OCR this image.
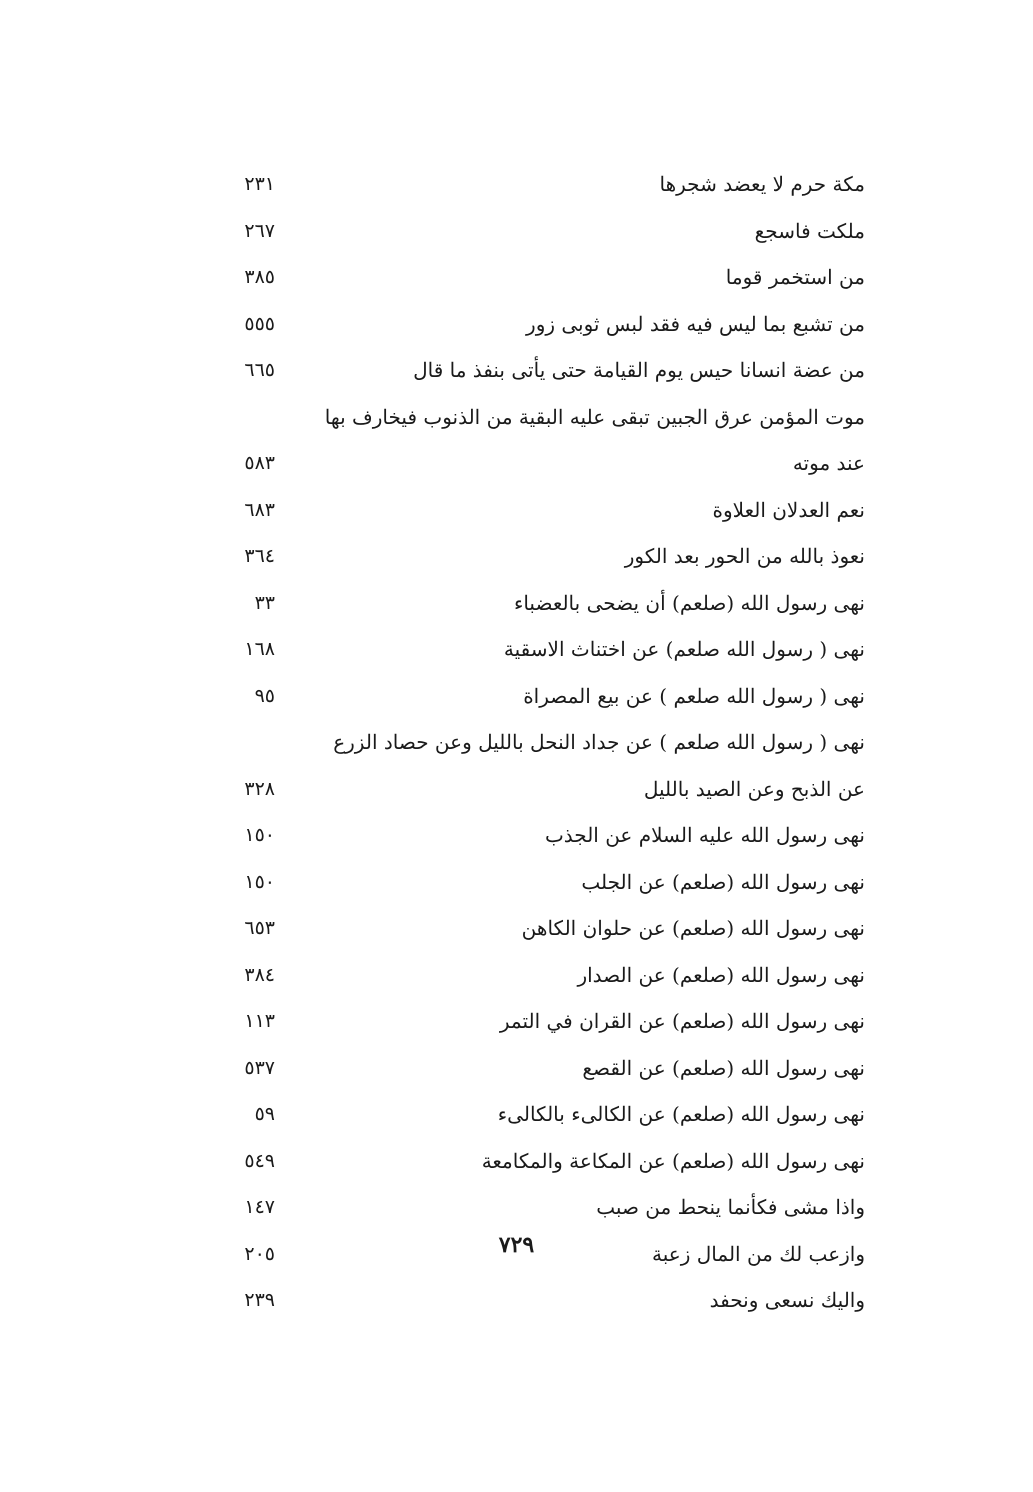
مكة حرم لا يعضد شجرها
٢٣١
ملكت فاسجع
٢٦٧
من استخمر قوما
٣٨٥
من تشبع بما ليس فيه فقد لبس ثوبى زور
٥٥٥
من عضة انسانا حيس يوم القيامة حتى يأتى بنفذ ما قال
٦٦٥
موت المؤمن عرق الجبين تبقى عليه البقية من الذنوب فيخارف بها
عند موته
٥٨٣
نعم العدلان العلاوة
٦٨٣
نعوذ بالله من الحور بعد الكور
٣٦٤
نهى رسول الله (صلعم) أن يضحى بالعضباء
٣٣
نهى ( رسول الله صلعم) عن اختناث الاسقية
١٦٨
نهى ( رسول الله صلعم ) عن بيع المصراة
٩٥
نهى ( رسول الله صلعم ) عن جداد النحل بالليل وعن حصاد الزرع
عن الذبح وعن الصيد بالليل
٣٢٨
نهى رسول الله عليه السلام عن الجذب
١٥٠
نهى رسول الله (صلعم) عن الجلب
١٥٠
نهى رسول الله (صلعم) عن حلوان الكاهن
٦٥٣
نهى رسول الله (صلعم) عن الصدار
٣٨٤
نهى رسول الله (صلعم) عن القران في التمر
١١٣
نهى رسول الله (صلعم) عن القصع
٥٣٧
نهى رسول الله (صلعم) عن الكالىء بالكالىء
٥٩
نهى رسول الله (صلعم) عن المكاعة والمكامعة
٥٤٩
واذا مشى فكأنما ينحط من صبب
١٤٧
وازعب لك من المال زعبة
٢٠٥
واليك نسعى ونحفد
٢٣٩
٧٢٩
